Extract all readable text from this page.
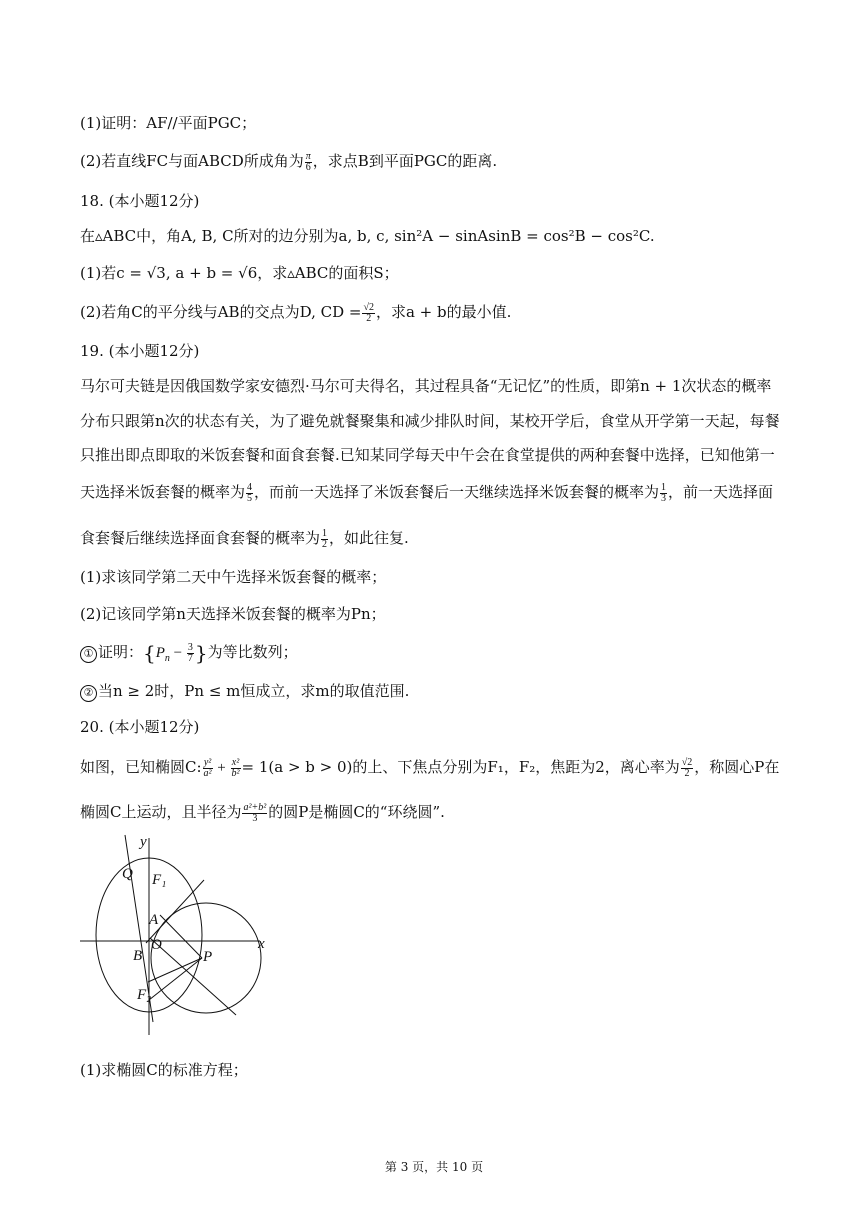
(1)证明：AF//平面PGC；
(2)若直线FC与面ABCD所成角为 $\frac{\pi}{6}$ ，求点B到平面PGC的距离.
18. (本小题12分)
在▵ABC中，角A, B, C所对的边分别为a, b, c, sin²A − sinAsinB = cos²B − cos²C.
(1)若c = √3, a + b = √6，求▵ABC的面积S；
(2)若角C的平分线与AB的交点为D, CD = $\frac{√2}{2}$ ，求a + b的最小值.
19. (本小题12分)
马尔可夫链是因俄国数学家安德烈·马尔可夫得名，其过程具备“无记忆”的性质，即第n + 1次状态的概率
分布只跟第n次的状态有关，为了避免就餐聚集和减少排队时间，某校开学后，食堂从开学第一天起，每餐
只推出即点即取的米饭套餐和面食套餐.已知某同学每天中午会在食堂提供的两种套餐中选择，已知他第一
天选择米饭套餐的概率为 $\frac{4}{5}$ ，而前一天选择了米饭套餐后一天继续选择米饭套餐的概率为 $\frac{1}{3}$ ，前一天选择面
食套餐后继续选择面食套餐的概率为 $\frac{1}{2}$ ，如此往复.
(1)求该同学第二天中午选择米饭套餐的概率；
(2)记该同学第n天选择米饭套餐的概率为Pn；
① 证明：{$P_n - \frac{3}{7}$ }为等比数列；
② 当n ≥ 2时，Pn ≤ m恒成立，求m的取值范围.
20. (本小题12分)
如图，已知椭圆C: $\frac{\text{y²}}{\text{a²}} + \frac{\text{x²}}{\text{b²}} = 1(a > b > 0)$的上、下焦点分别为F₁，F₂，焦距为2，离心率为 $\frac{√2}{2}$ ，称圆心P在
椭圆C上运动，且半径为 $\frac{\text{a²+b²}}{3}$ 的圆P是椭圆C的“环绕圆”.
y
x
Q F₁
A
O
B	P
F₂
(1)求椭圆C的标准方程；
第 3 页，共 10 页
